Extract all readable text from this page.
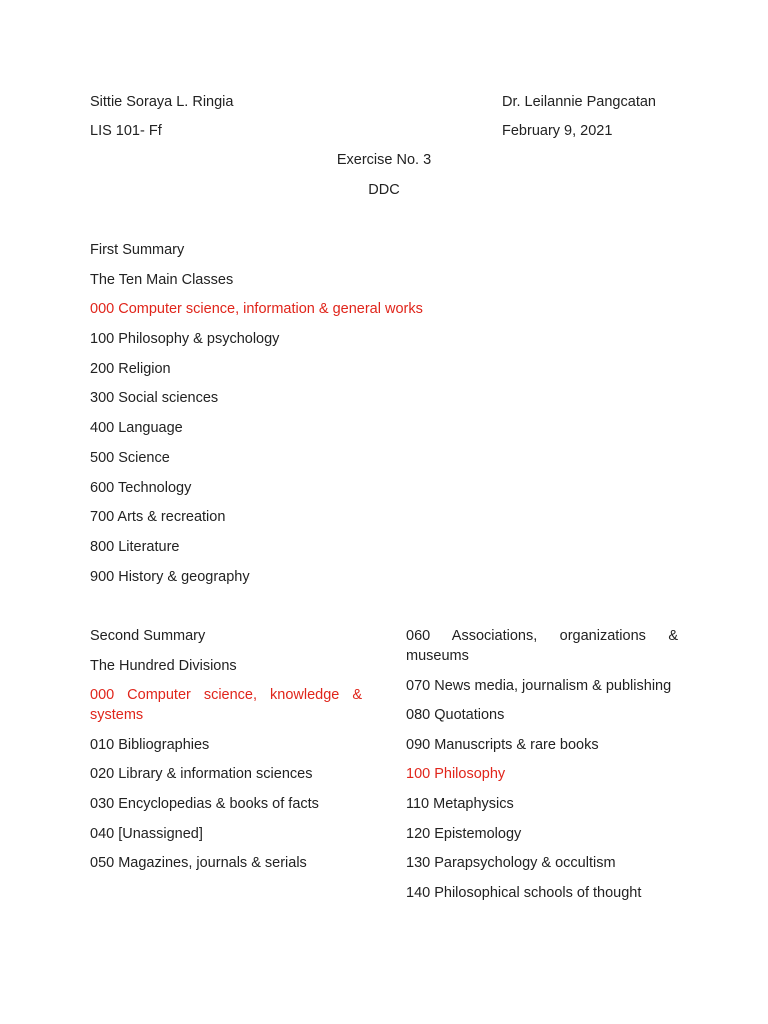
Sittie Soraya L. Ringia
LIS 101- Ff
Dr. Leilannie Pangcatan
February 9, 2021
Exercise No. 3
DDC
First Summary
The Ten Main Classes
000 Computer science, information & general works
100 Philosophy & psychology
200 Religion
300 Social sciences
400 Language
500 Science
600 Technology
700 Arts & recreation
800 Literature
900 History & geography
Second Summary
The Hundred Divisions
000 Computer science, knowledge & systems
010 Bibliographies
020 Library & information sciences
030 Encyclopedias & books of facts
040 [Unassigned]
050 Magazines, journals & serials
060 Associations, organizations & museums
070 News media, journalism & publishing
080 Quotations
090 Manuscripts & rare books
100 Philosophy
110 Metaphysics
120 Epistemology
130 Parapsychology & occultism
140 Philosophical schools of thought
